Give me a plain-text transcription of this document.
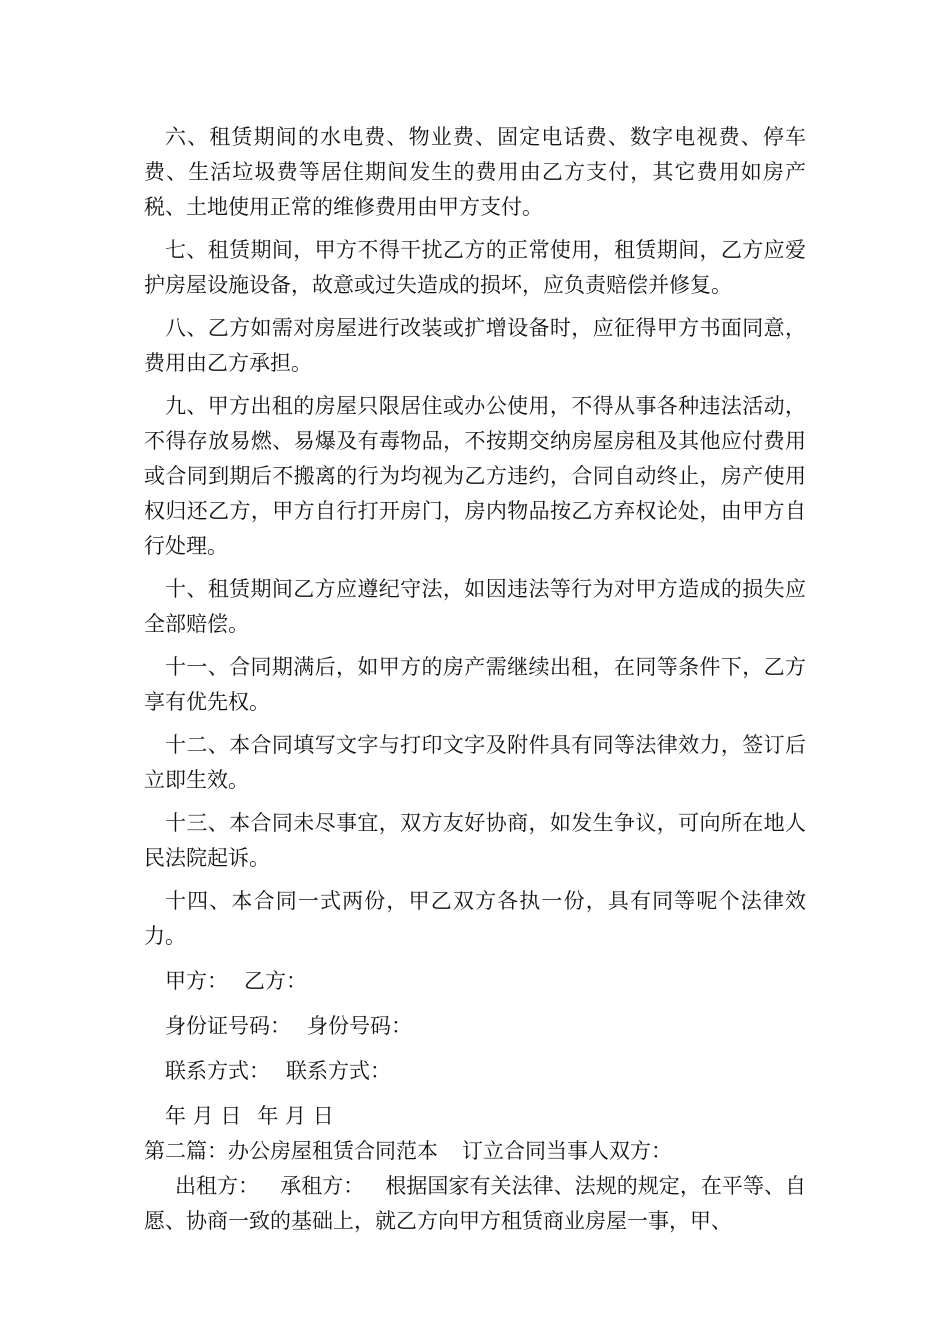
六、租赁期间的水电费、物业费、固定电话费、数字电视费、停车费、生活垃圾费等居住期间发生的费用由乙方支付，其它费用如房产税、土地使用正常的维修费用由甲方支付。

七、租赁期间，甲方不得干扰乙方的正常使用，租赁期间，乙方应爱护房屋设施设备，故意或过失造成的损坏，应负责赔偿并修复。

八、乙方如需对房屋进行改装或扩增设备时，应征得甲方书面同意，费用由乙方承担。

九、甲方出租的房屋只限居住或办公使用，不得从事各种违法活动，不得存放易燃、易爆及有毒物品，不按期交纳房屋房租及其他应付费用或合同到期后不搬离的行为均视为乙方违约，合同自动终止，房产使用权归还乙方，甲方自行打开房门，房内物品按乙方弃权论处，由甲方自行处理。

十、租赁期间乙方应遵纪守法，如因违法等行为对甲方造成的损失应全部赔偿。

十一、合同期满后，如甲方的房产需继续出租，在同等条件下，乙方享有优先权。

十二、本合同填写文字与打印文字及附件具有同等法律效力，签订后立即生效。

十三、本合同未尽事宜，双方友好协商，如发生争议，可向所在地人民法院起诉。

十四、本合同一式两份，甲乙双方各执一份，具有同等呢个法律效力。

甲方： 乙方：

身份证号码： 身份号码：

联系方式： 联系方式：

年 月 日 年 月 日

第二篇：办公房屋租赁合同范本 订立合同当事人双方：

出租方：  承租方：  根据国家有关法律、法规的规定，在平等、自愿、协商一致的基础上，就乙方向甲方租赁商业房屋一事，甲、
